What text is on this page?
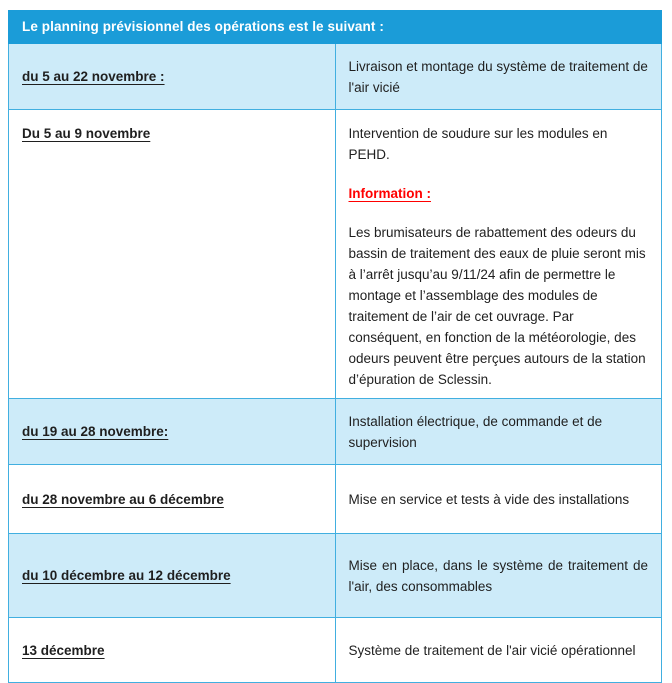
Le planning prévisionnel des opérations est le suivant :	
du 5 au 22 novembre :	Livraison et montage du système de traitement de l'air vicié

Du 5 au 9 novembre	Intervention de soudure sur les modules en PEHD.

Information :

Les brumisateurs de rabattement des odeurs du bassin de traitement des eaux de pluie seront mis à l’arrêt jusqu’au 9/11/24 afin de permettre le montage et l’assemblage des modules de traitement de l’air de cet ouvrage. Par conséquent, en fonction de la météorologie, des odeurs peuvent être perçues autours de la station d’épuration de Sclessin.

du 19 au 28 novembre:	Installation électrique, de commande et de supervision

du 28 novembre au 6 décembre	Mise en service et tests à vide des installations

du 10 décembre au 12 décembre	Mise en place, dans le système de traitement de l'air, des consommables

13 décembre	Système de traitement de l'air vicié opérationnel
